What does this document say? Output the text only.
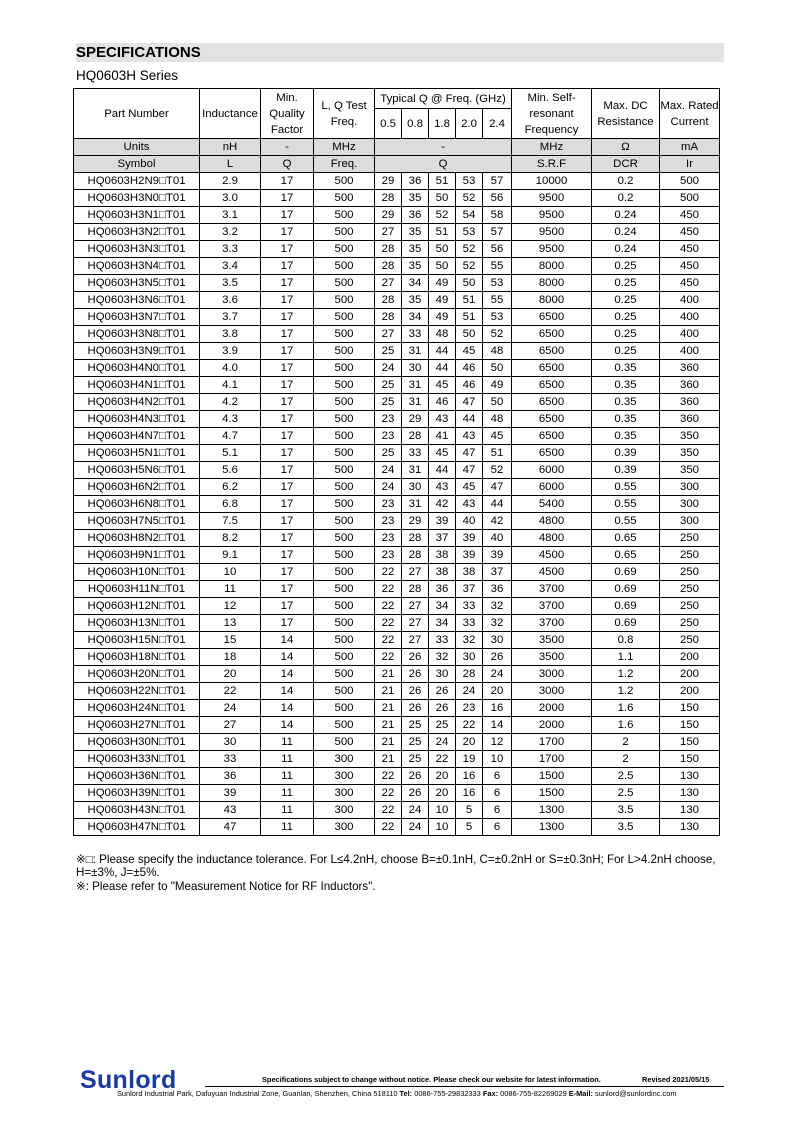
SPECIFICATIONS
HQ0603H Series
Part Number	Inductance	Min. Quality Factor	L, Q Test Freq.	Typical Q @ Freq. (GHz)					Min. Self-resonant Frequency	Max. DC Resistance	Max. Rated Current
				0.5	0.8	1.8	2.0	2.4			
Units	nH	-	MHz	-					MHz	Ω	mA
Symbol	L	Q	Freq.	Q					S.R.F	DCR	Ir
HQ0603H2N9□T01	2.9	17	500	29	36	51	53	57	10000	0.2	500
HQ0603H3N0□T01	3.0	17	500	28	35	50	52	56	9500	0.2	500
HQ0603H3N1□T01	3.1	17	500	29	36	52	54	58	9500	0.24	450
HQ0603H3N2□T01	3.2	17	500	27	35	51	53	57	9500	0.24	450
HQ0603H3N3□T01	3.3	17	500	28	35	50	52	56	9500	0.24	450
HQ0603H3N4□T01	3.4	17	500	28	35	50	52	55	8000	0.25	450
HQ0603H3N5□T01	3.5	17	500	27	34	49	50	53	8000	0.25	450
HQ0603H3N6□T01	3.6	17	500	28	35	49	51	55	8000	0.25	400
HQ0603H3N7□T01	3.7	17	500	28	34	49	51	53	6500	0.25	400
HQ0603H3N8□T01	3.8	17	500	27	33	48	50	52	6500	0.25	400
HQ0603H3N9□T01	3.9	17	500	25	31	44	45	48	6500	0.25	400
HQ0603H4N0□T01	4.0	17	500	24	30	44	46	50	6500	0.35	360
HQ0603H4N1□T01	4.1	17	500	25	31	45	46	49	6500	0.35	360
HQ0603H4N2□T01	4.2	17	500	25	31	46	47	50	6500	0.35	360
HQ0603H4N3□T01	4.3	17	500	23	29	43	44	48	6500	0.35	360
HQ0603H4N7□T01	4.7	17	500	23	28	41	43	45	6500	0.35	350
HQ0603H5N1□T01	5.1	17	500	25	33	45	47	51	6500	0.39	350
HQ0603H5N6□T01	5.6	17	500	24	31	44	47	52	6000	0.39	350
HQ0603H6N2□T01	6.2	17	500	24	30	43	45	47	6000	0.55	300
HQ0603H6N8□T01	6.8	17	500	23	31	42	43	44	5400	0.55	300
HQ0603H7N5□T01	7.5	17	500	23	29	39	40	42	4800	0.55	300
HQ0603H8N2□T01	8.2	17	500	23	28	37	39	40	4800	0.65	250
HQ0603H9N1□T01	9.1	17	500	23	28	38	39	39	4500	0.65	250
HQ0603H10N□T01	10	17	500	22	27	38	38	37	4500	0.69	250
HQ0603H11N□T01	11	17	500	22	28	36	37	36	3700	0.69	250
HQ0603H12N□T01	12	17	500	22	27	34	33	32	3700	0.69	250
HQ0603H13N□T01	13	17	500	22	27	34	33	32	3700	0.69	250
HQ0603H15N□T01	15	14	500	22	27	33	32	30	3500	0.8	250
HQ0603H18N□T01	18	14	500	22	26	32	30	26	3500	1.1	200
HQ0603H20N□T01	20	14	500	21	26	30	28	24	3000	1.2	200
HQ0603H22N□T01	22	14	500	21	26	26	24	20	3000	1.2	200
HQ0603H24N□T01	24	14	500	21	26	26	23	16	2000	1.6	150
HQ0603H27N□T01	27	14	500	21	25	25	22	14	2000	1.6	150
HQ0603H30N□T01	30	11	500	21	25	24	20	12	1700	2	150
HQ0603H33N□T01	33	11	300	21	25	22	19	10	1700	2	150
HQ0603H36N□T01	36	11	300	22	26	20	16	6	1500	2.5	130
HQ0603H39N□T01	39	11	300	22	26	20	16	6	1500	2.5	130
HQ0603H43N□T01	43	11	300	22	24	10	5	6	1300	3.5	130
HQ0603H47N□T01	47	11	300	22	24	10	5	6	1300	3.5	130
※□: Please specify the inductance tolerance. For L≤4.2nH, choose B=±0.1nH, C=±0.2nH or S=±0.3nH; For L>4.2nH choose, H=±3%, J=±5%.
※: Please refer to "Measurement Notice for RF Inductors".
Sunlord	Specifications subject to change without notice. Please check our website for latest information.	Revised 2021/05/15
Sunlord Industrial Park, Dafuyuan Industrial Zone, Guanlan, Shenzhen, China 518110 Tel: 0086-755-29832333 Fax: 0086-755-82269029 E-Mail: sunlord@sunlordinc.com
